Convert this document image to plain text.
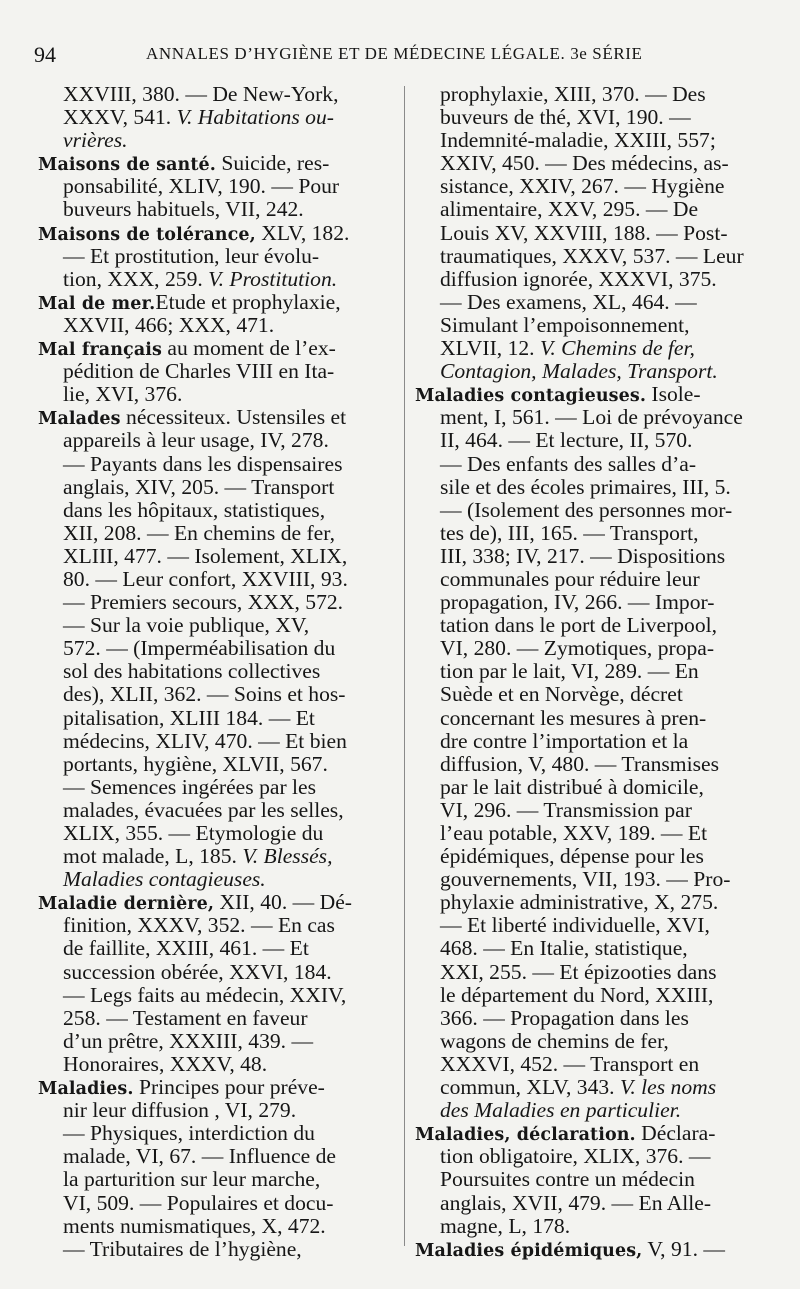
94	ANNALES D’HYGIÈNE ET DE MÉDECINE LÉGALE. 3e SÉRIE
XXVIII, 380. — De New-York,
XXXV, 541. V. Habitations ou-
vrières.
Maisons de santé. Suicide, res-
ponsabilité, XLIV, 190. — Pour
buveurs habituels, VII, 242.
Maisons de tolérance, XLV, 182.
— Et prostitution, leur évolu-
tion, XXX, 259. V. Prostitution.
Mal de mer.Etude et prophylaxie,
XXVII, 466; XXX, 471.
Mal français au moment de l’ex-
pédition de Charles VIII en Ita-
lie, XVI, 376.
Malades nécessiteux. Ustensiles et
appareils à leur usage, IV, 278.
— Payants dans les dispensaires
anglais, XIV, 205. — Transport
dans les hôpitaux, statistiques,
XII, 208. — En chemins de fer,
XLIII, 477. — Isolement, XLIX,
80. — Leur confort, XXVIII, 93.
— Premiers secours, XXX, 572.
— Sur la voie publique, XV,
572. — (Imperméabilisation du
sol des habitations collectives
des), XLII, 362. — Soins et hos-
pitalisation, XLIII 184. — Et
médecins, XLIV, 470. — Et bien
portants, hygiène, XLVII, 567.
— Semences ingérées par les
malades, évacuées par les selles,
XLIX, 355. — Etymologie du
mot malade, L, 185. V. Blessés,
Maladies contagieuses.
Maladie dernière, XII, 40. — Dé-
finition, XXXV, 352. — En cas
de faillite, XXIII, 461. — Et
succession obérée, XXVI, 184.
— Legs faits au médecin, XXIV,
258. — Testament en faveur
d’un prêtre, XXXIII, 439. —
Honoraires, XXXV, 48.
Maladies. Principes pour préve-
nir leur diffusion , VI, 279.
— Physiques, interdiction du
malade, VI, 67. — Influence de
la parturition sur leur marche,
VI, 509. — Populaires et docu-
ments numismatiques, X, 472.
— Tributaires de l’hygiène,
prophylaxie, XIII, 370. — Des
buveurs de thé, XVI, 190. —
Indemnité-maladie, XXIII, 557;
XXIV, 450. — Des médecins, as-
sistance, XXIV, 267. — Hygiène
alimentaire, XXV, 295. — De
Louis XV, XXVIII, 188. — Post-
traumatiques, XXXV, 537. — Leur
diffusion ignorée, XXXVI, 375.
— Des examens, XL, 464. —
Simulant l’empoisonnement,
XLVII, 12. V. Chemins de fer,
Contagion, Malades, Transport.
Maladies contagieuses. Isole-
ment, I, 561. — Loi de prévoyance
II, 464. — Et lecture, II, 570.
— Des enfants des salles d’a-
sile et des écoles primaires, III, 5.
— (Isolement des personnes mor-
tes de), III, 165. — Transport,
III, 338; IV, 217. — Dispositions
communales pour réduire leur
propagation, IV, 266. — Impor-
tation dans le port de Liverpool,
VI, 280. — Zymotiques, propa-
tion par le lait, VI, 289. — En
Suède et en Norvège, décret
concernant les mesures à pren-
dre contre l’importation et la
diffusion, V, 480. — Transmises
par le lait distribué à domicile,
VI, 296. — Transmission par
l’eau potable, XXV, 189. — Et
épidémiques, dépense pour les
gouvernements, VII, 193. — Pro-
phylaxie administrative, X, 275.
— Et liberté individuelle, XVI,
468. — En Italie, statistique,
XXI, 255. — Et épizooties dans
le département du Nord, XXIII,
366. — Propagation dans les
wagons de chemins de fer,
XXXVI, 452. — Transport en
commun, XLV, 343. V. les noms
des Maladies en particulier.
Maladies, déclaration. Déclara-
tion obligatoire, XLIX, 376. —
Poursuites contre un médecin
anglais, XVII, 479. — En Alle-
magne, L, 178.
Maladies épidémiques, V, 91. —
